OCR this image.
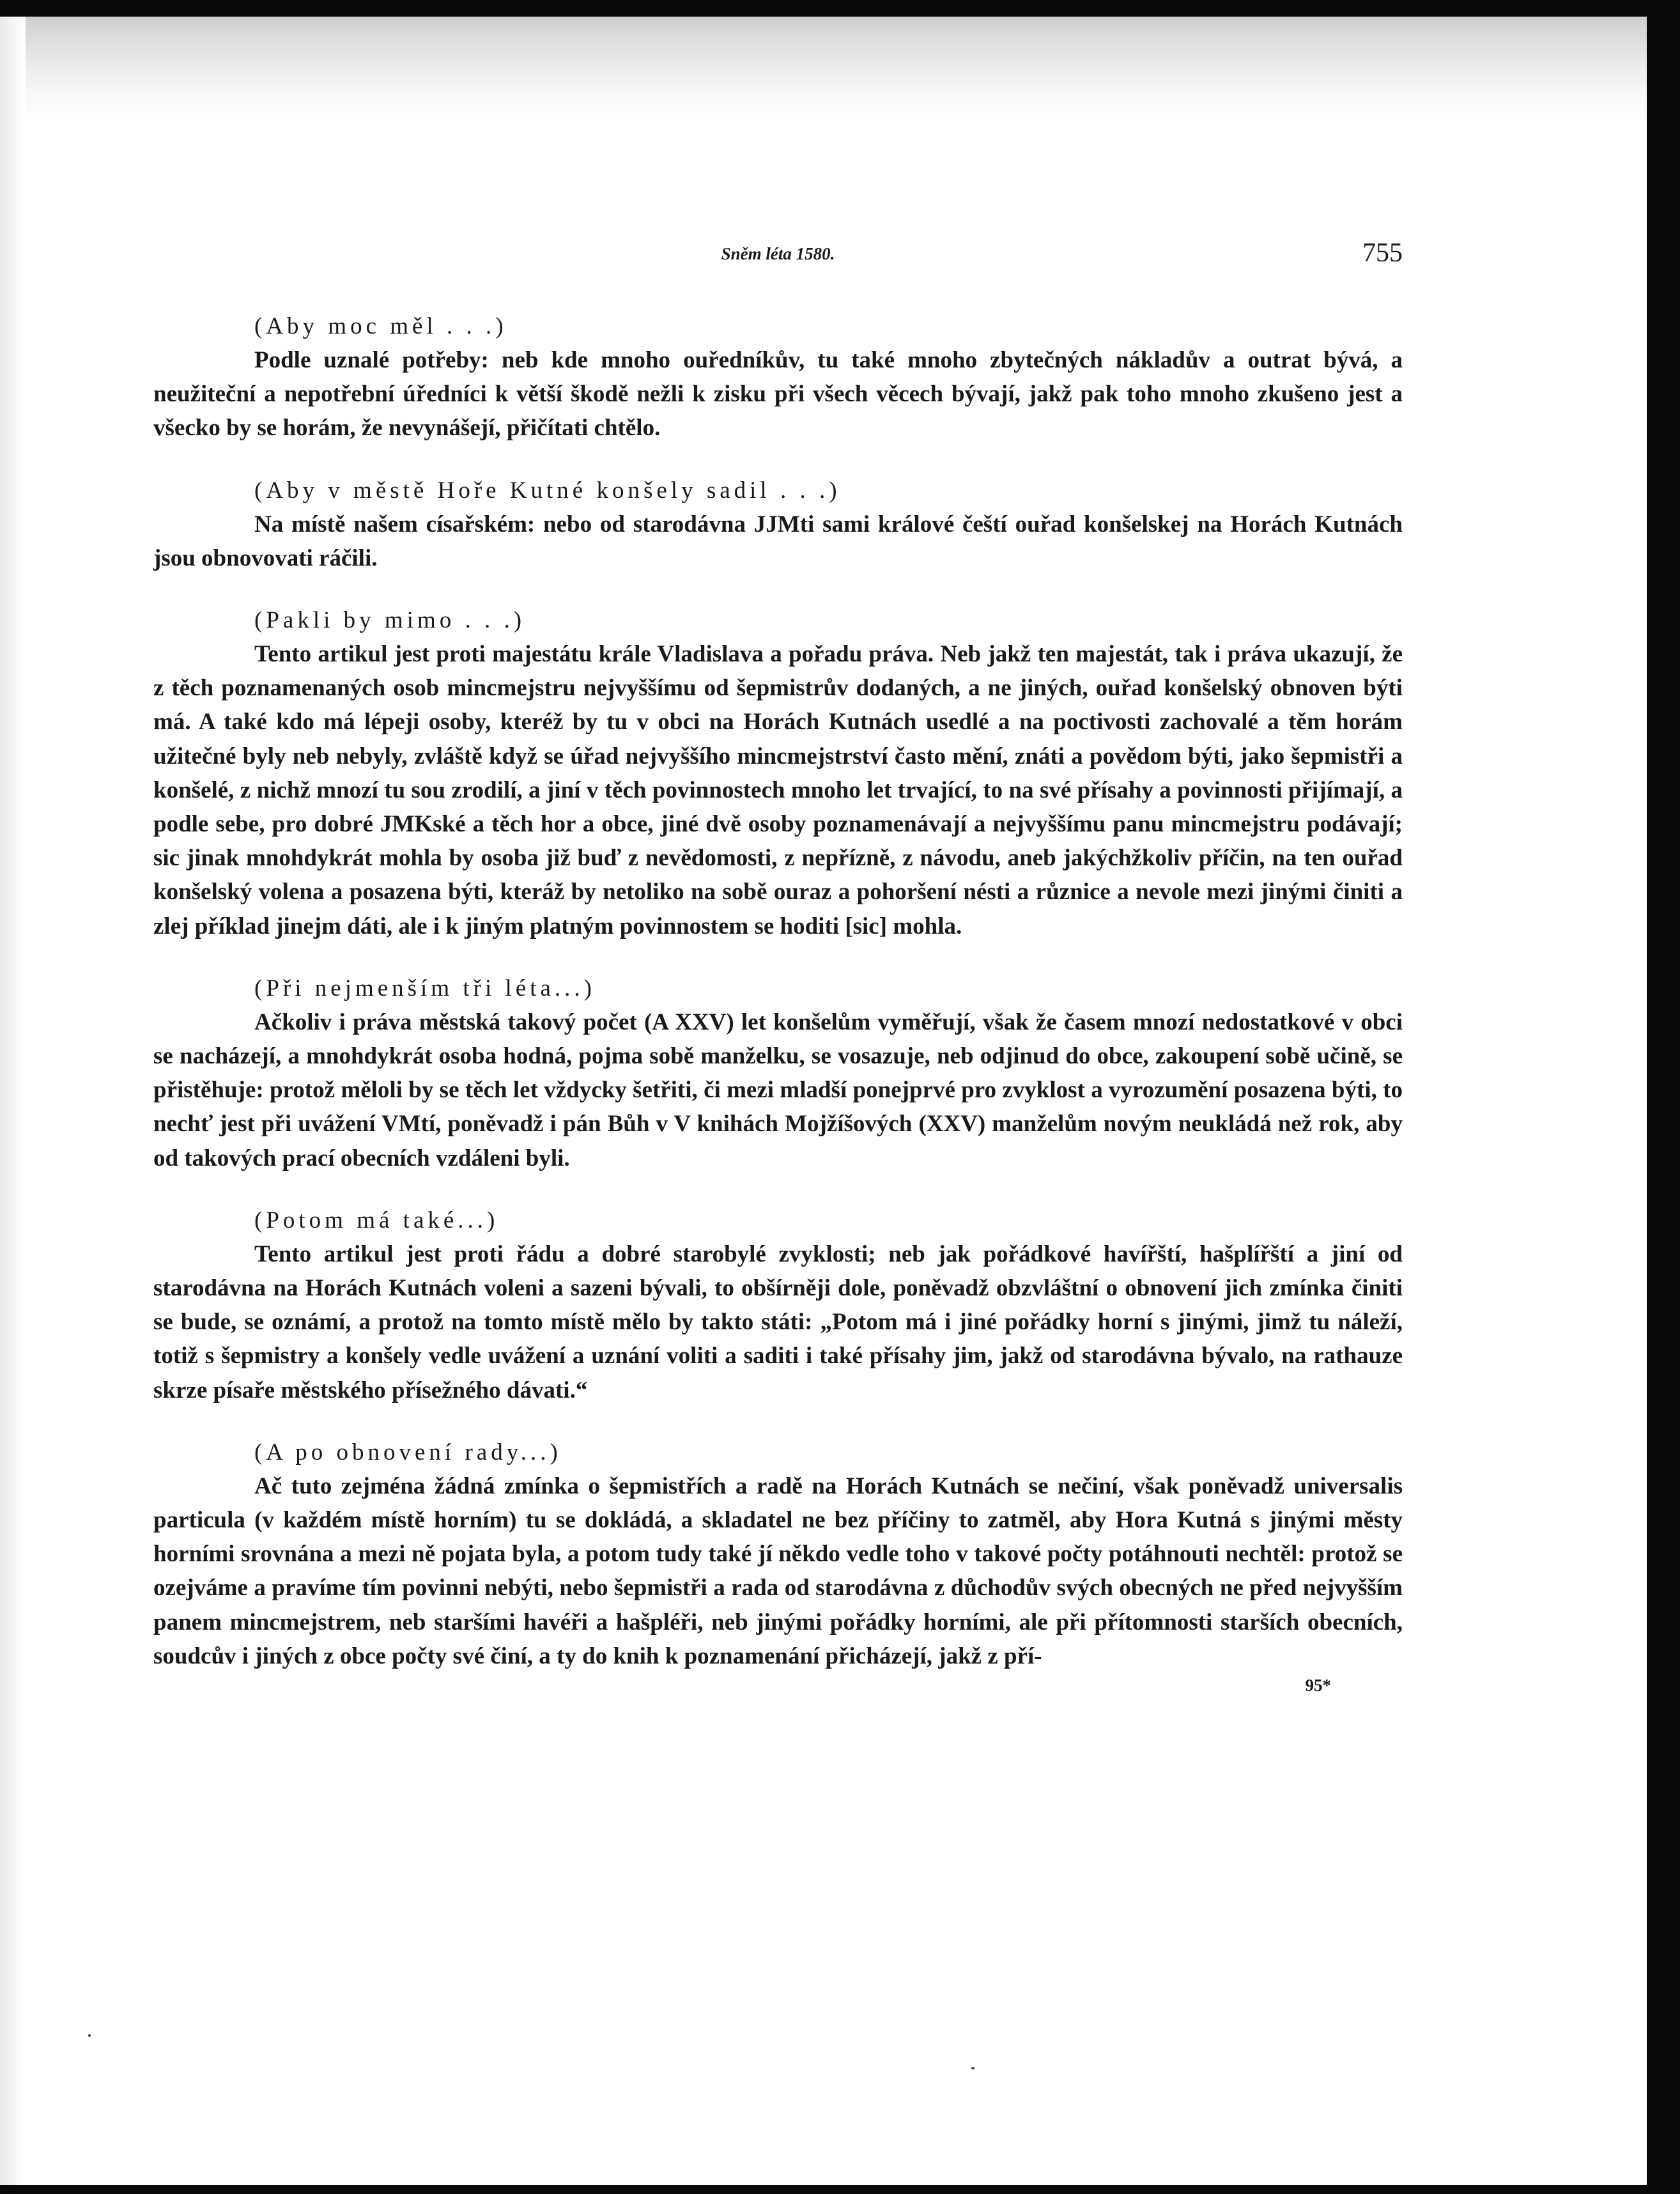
Sněm léta 1580.	755
(Aby moc měl . . .)

Podle uznalé potřeby: neb kde mnoho ouředníkův, tu také mnoho zbytečných nákladův a outrat bývá, a neužiteční a nepotřební úředníci k větší škodě nežli k zisku při všech věcech bývají, jakž pak toho mnoho zkušeno jest a všecko by se horám, že nevynášejí, přičítati chtělo.

(Aby v městě Hoře Kutné konšely sadil . . .)

Na místě našem císařském: nebo od starodávna JJMti sami králové čeští ouřad konšelskej na Horách Kutnách jsou obnovovati ráčili.

(Pakli by mimo . . .)

Tento artikul jest proti majestátu krále Vladislava a pořadu práva. Neb jakž ten majestát, tak i práva ukazují, že z těch poznamenaných osob mincmejstru nejvyššímu od šepmistrův dodaných, a ne jiných, ouřad konšelský obnoven býti má. A také kdo má lépeji osoby, kteréž by tu v obci na Horách Kutnách usedlé a na poctivosti zachovalé a těm horám užitečné byly neb nebyly, zvláště když se úřad nejvyššího mincmejstrství často mění, znáti a povědom býti, jako šepmistři a konšelé, z nichž mnozí tu sou zrodilí, a jiní v těch povinnostech mnoho let trvající, to na své přísahy a povinnosti přijímají, a podle sebe, pro dobré JMKské a těch hor a obce, jiné dvě osoby poznamenávají a nejvyššímu panu mincmejstru podávají; sic jinak mnohdykrát mohla by osoba již buď z nevědomosti, z nepřízně, z návodu, aneb jakýchžkoliv příčin, na ten ouřad konšelský volena a posazena býti, kteráž by netoliko na sobě ouraz a pohoršení nésti a různice a nevole mezi jinými činiti a zlej příklad jinejm dáti, ale i k jiným platným povinnostem se hoditi [sic] mohla.

(Při nejmenším tři léta...)

Ačkoliv i práva městská takový počet (A XXV) let konšelům vyměřují, však že časem mnozí nedostatkové v obci se nacházejí, a mnohdykrát osoba hodná, pojma sobě manželku, se vosazuje, neb odjinud do obce, zakoupení sobě učině, se přistěhuje: protož měloli by se těch let vždycky šetřiti, či mezi mladší ponejprvé pro zvyklost a vyrozumění posazena býti, to nechť jest při uvážení VMtí, poněvadž i pán Bůh v V knihách Mojžíšových (XXV) manželům novým neukládá než rok, aby od takových prací obecních vzdáleni byli.

(Potom má také...)

Tento artikul jest proti řádu a dobré starobylé zvyklosti; neb jak pořádkové havířští, hašplířští a jiní od starodávna na Horách Kutnách voleni a sazeni bývali, to obšírněji dole, poněvadž obzvláštní o obnovení jich zmínka činiti se bude, se oznámí, a protož na tomto místě mělo by takto státi: „Potom má i jiné pořádky horní s jinými, jimž tu náleží, totiž s šepmistry a konšely vedle uvážení a uznání voliti a saditi i také přísahy jim, jakž od starodávna bývalo, na rathauze skrze písaře městského přísežného dávati.“

(A po obnovení rady...)

Ač tuto zejména žádná zmínka o šepmistřích a radě na Horách Kutnách se nečiní, však poněvadž universalis particula (v každém místě horním) tu se dokládá, a skladatel ne bez příčiny to zatměl, aby Hora Kutná s jinými městy horními srovnána a mezi ně pojata byla, a potom tudy také jí někdo vedle toho v takové počty potáhnouti nechtěl: protož se ozejváme a pravíme tím povinni nebýti, nebo šepmistři a rada od starodávna z důchodův svých obecných ne před nejvyšším panem mincmejstrem, neb staršími havéři a hašpléři, neb jinými pořádky horními, ale při přítomnosti starších obecních, soudcův i jiných z obce počty své činí, a ty do knih k poznamenání přicházejí, jakž z pří-

95*
